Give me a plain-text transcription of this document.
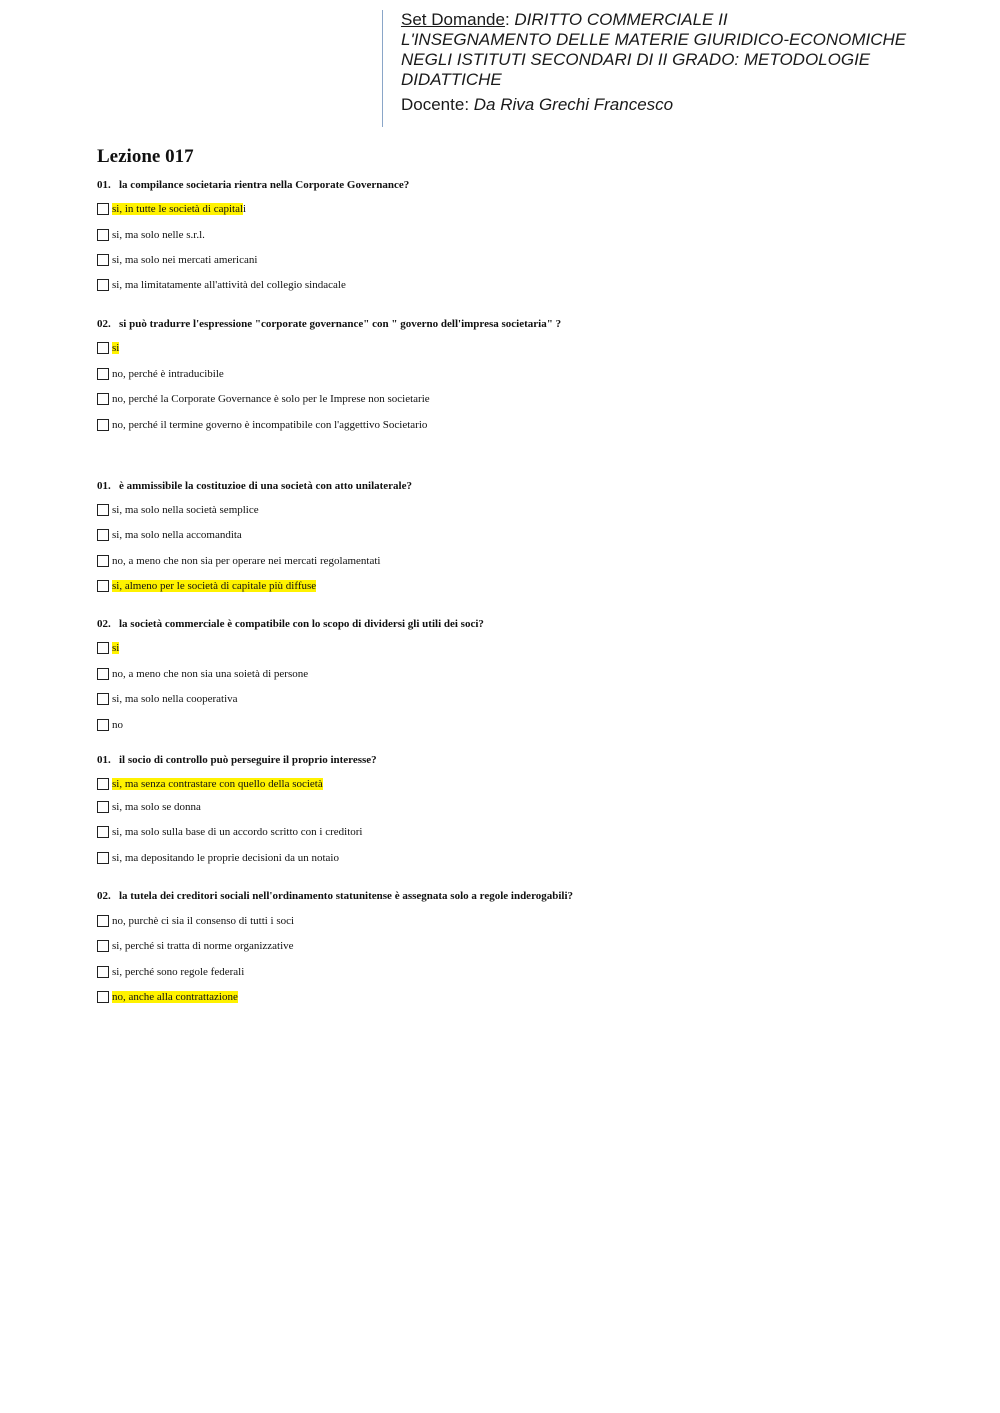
Set Domande: DIRITTO COMMERCIALE II
L'INSEGNAMENTO DELLE MATERIE GIURIDICO-ECONOMICHE NEGLI ISTITUTI SECONDARI DI II GRADO: METODOLOGIE DIDATTICHE
Docente: Da Riva Grechi Francesco
Lezione 017
01. la compilance societaria rientra nella Corporate Governance?
si, in tutte le società di capital i
si, ma solo nelle s.r.l.
si, ma solo nei mercati americani
si, ma limitatamente all'attività del collegio sindacale
02. si può tradurre l'espressione "corporate governance" con " governo dell'impresa societaria" ?
si
no, perché è intraducibile
no, perché la Corporate Governance è solo per le Imprese non societarie
no, perché il termine governo è incompatibile con l'aggettivo Societario
01. è ammissibile la costituzioe di una società con atto unilaterale?
si, ma solo nella società semplice
si, ma solo nella accomandita
no, a meno che non sia per operare nei mercati regolamentati
si, almeno per le società di capitale più diffuse
02. la società commerciale è compatibile con lo scopo di dividersi gli utili dei soci?
si
no, a meno che non sia una soietà di persone
si, ma solo nella cooperativa
no
01. il socio di controllo può perseguire il proprio interesse?
si, ma senza contrastare con quello della società
si, ma solo se donna
si, ma solo sulla base di un accordo scritto con i creditori
si, ma depositando le proprie decisioni da un notaio
02. la tutela dei creditori sociali nell'ordinamento statunitense è assegnata solo a regole inderogabili?
no, purchè ci sia il consenso di tutti i soci
si, perché si tratta di norme organizzative
si, perché sono regole federali
no, anche alla contrattazione
